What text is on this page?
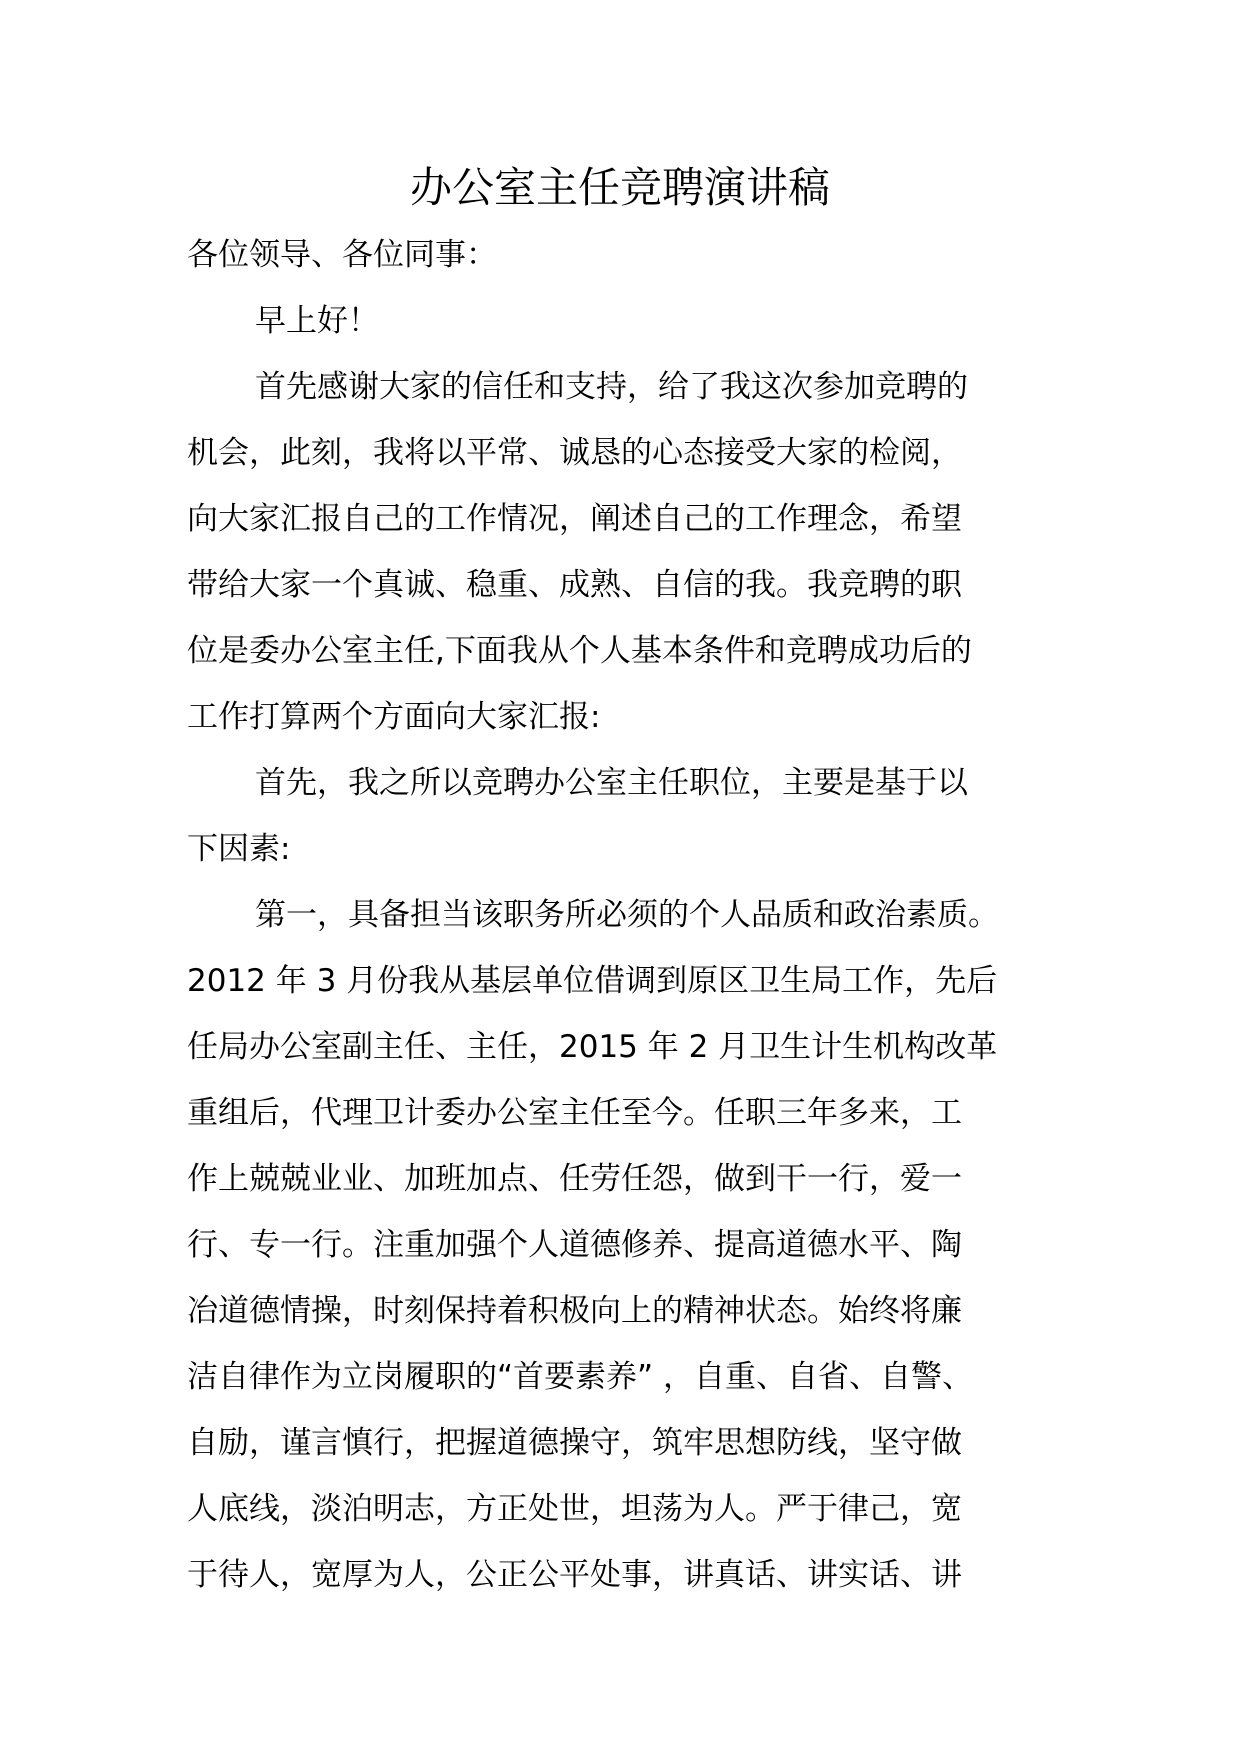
办公室主任竞聘演讲稿

各位领导、各位同事：

早上好！

首先感谢大家的信任和支持，给了我这次参加竞聘的
机会，此刻，我将以平常、诚恳的心态接受大家的检阅，
向大家汇报自己的工作情况，阐述自己的工作理念，希望
带给大家一个真诚、稳重、成熟、自信的我。我竞聘的职
位是委办公室主任,下面我从个人基本条件和竞聘成功后的
工作打算两个方面向大家汇报:

首先，我之所以竞聘办公室主任职位，主要是基于以
下因素:

第一，具备担当该职务所必须的个人品质和政治素质。
2012 年 3 月份我从基层单位借调到原区卫生局工作，先后
任局办公室副主任、主任，2015 年 2 月卫生计生机构改革
重组后，代理卫计委办公室主任至今。任职三年多来，工
作上兢兢业业、加班加点、任劳任怨，做到干一行，爱一
行、专一行。注重加强个人道德修养、提高道德水平、陶
冶道德情操，时刻保持着积极向上的精神状态。始终将廉
洁自律作为立岗履职的“首要素养” ，自重、自省、自警、
自励，谨言慎行，把握道德操守，筑牢思想防线，坚守做
人底线，淡泊明志，方正处世，坦荡为人。严于律己，宽
于待人，宽厚为人，公正公平处事，讲真话、讲实话、讲
